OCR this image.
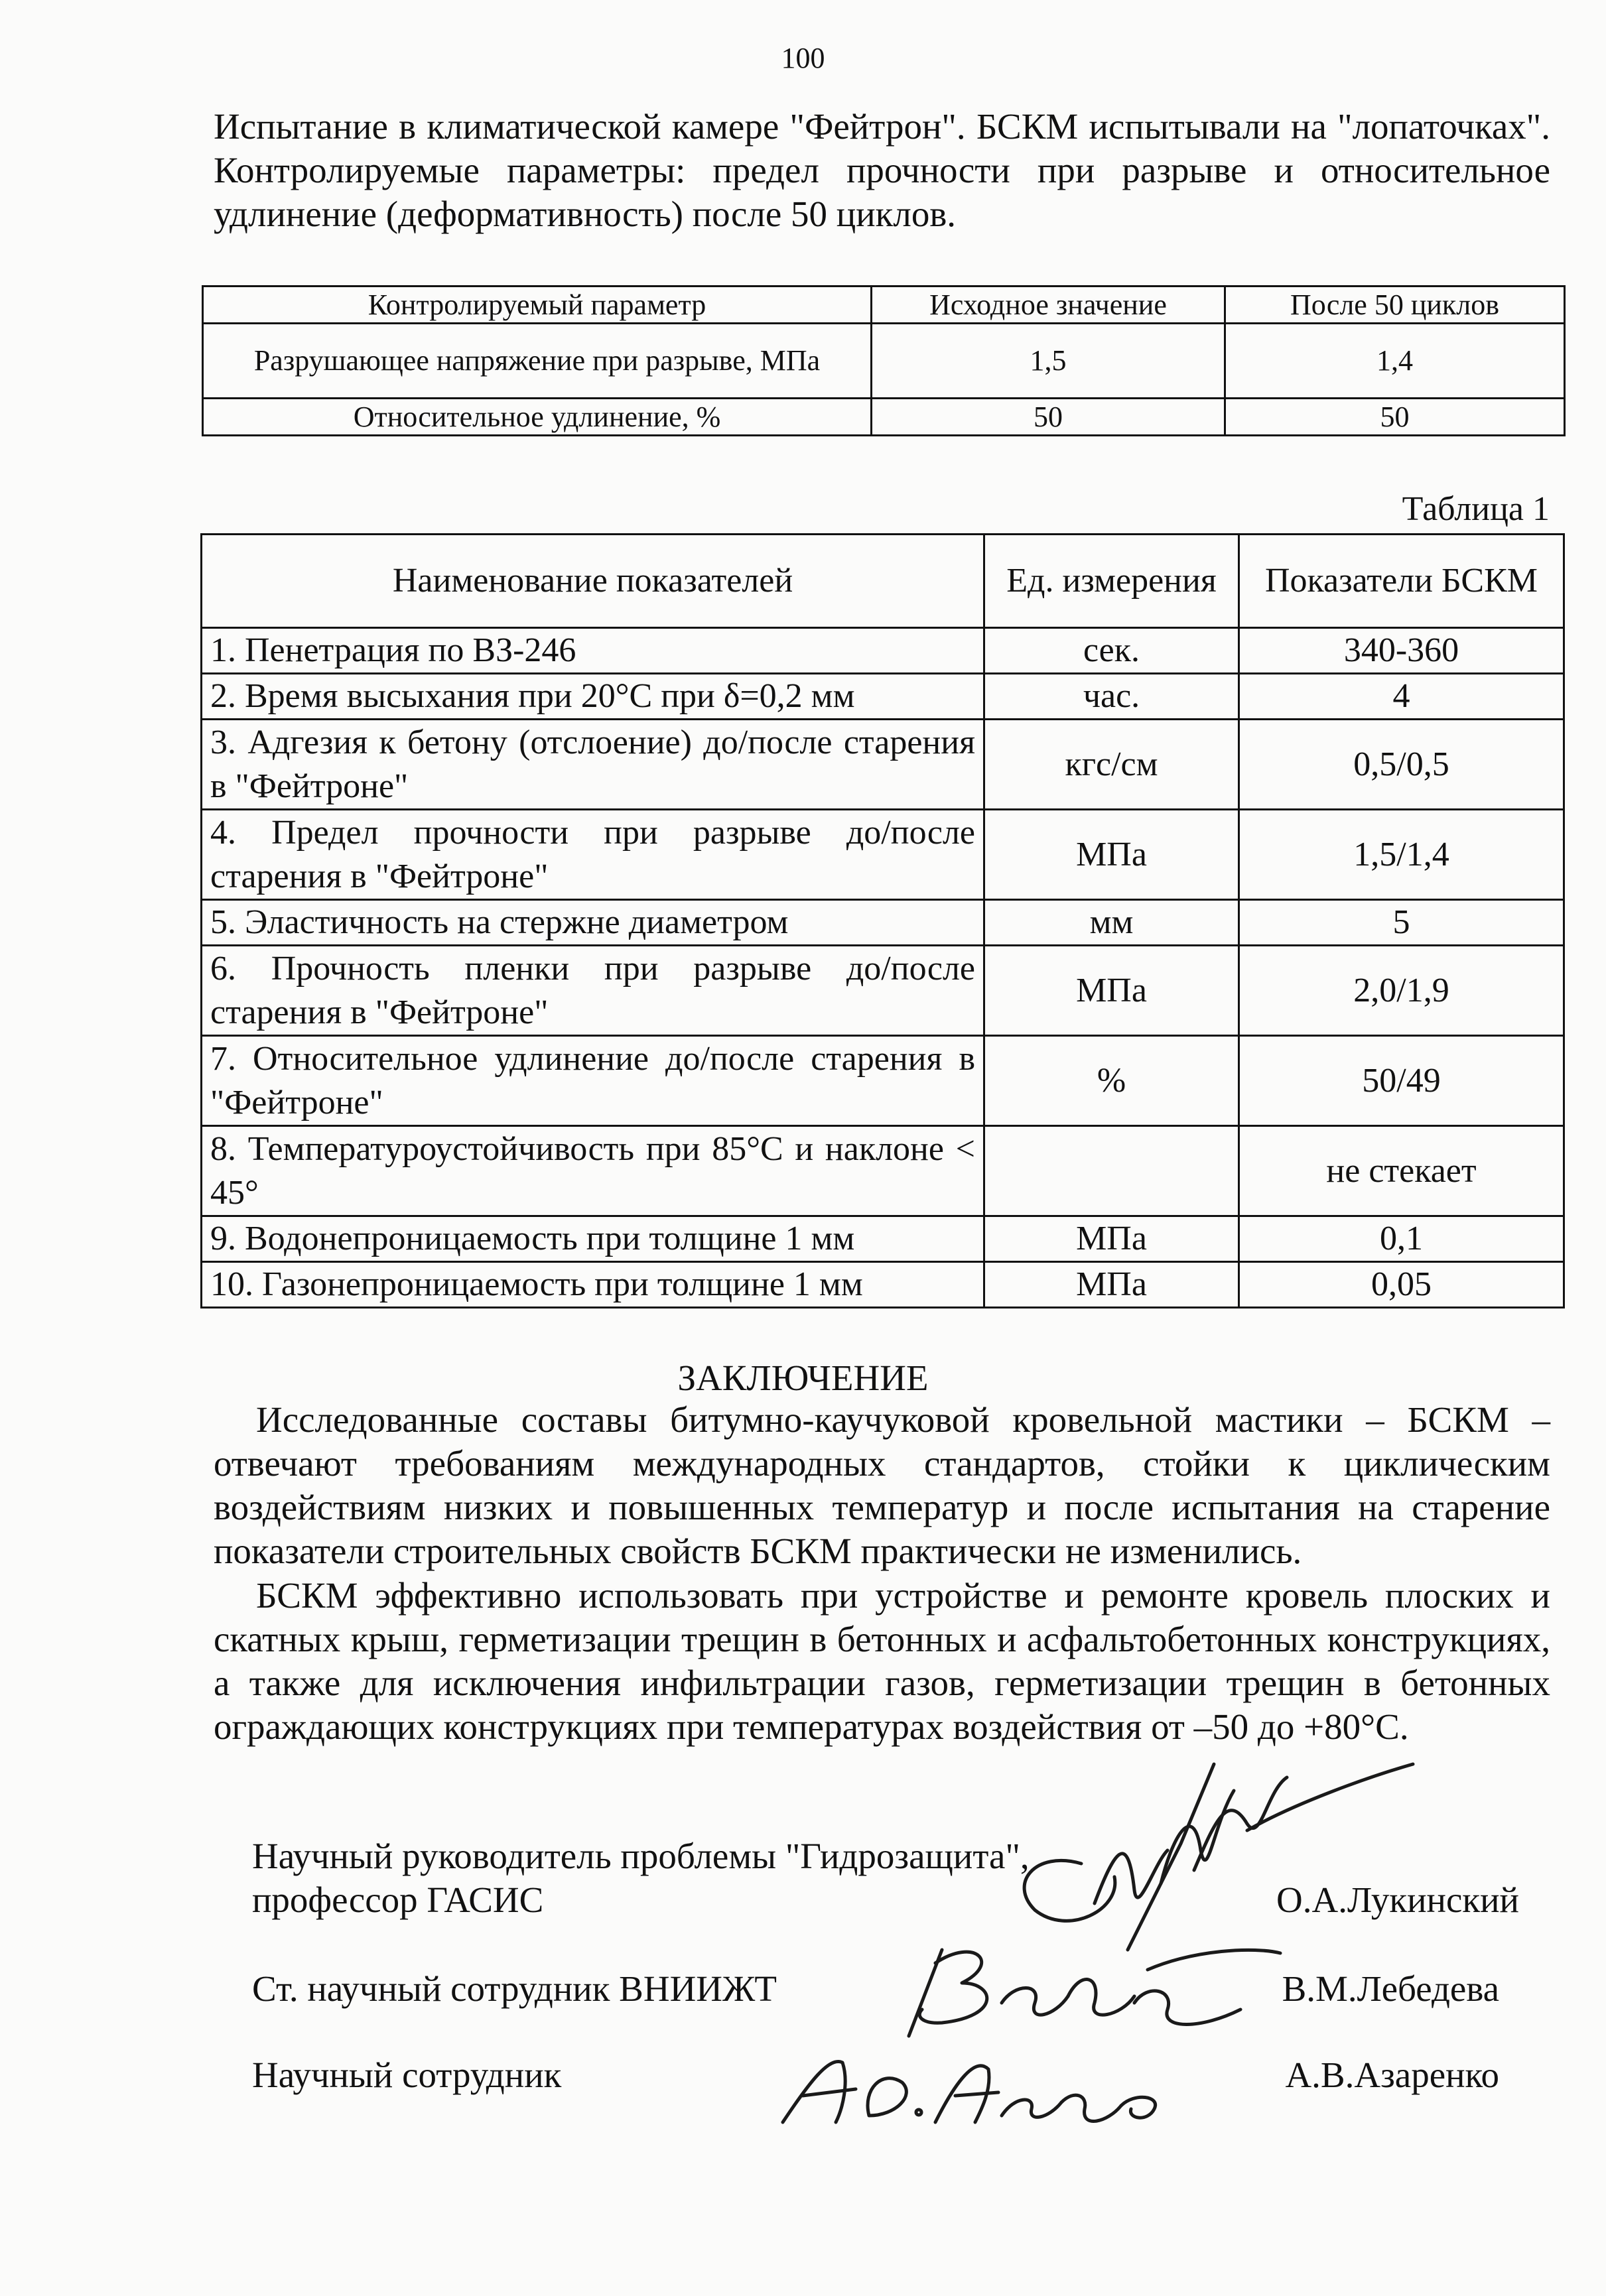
100
Испытание в климатической камере "Фейтрон". БСКМ испытывали на "лопаточках". Контролируемые параметры: предел прочности при разрыве и относительное удлинение (деформативность) после 50 циклов.
Контролируемый параметр	Исходное значение	После 50 циклов
Разрушающее напряжение при разрыве, МПа	1,5	1,4
Относительное удлинение, %	50	50
Таблица 1
Наименование показателей	Ед. измерения	Показатели БСКМ
1. Пенетрация по ВЗ-246	сек.	340-360
2. Время высыхания при 20°С при δ=0,2 мм	час.	4
3. Адгезия к бетону (отслоение) до/после старения в "Фейтроне"	кгс/см	0,5/0,5
4. Предел прочности при разрыве до/после старения в "Фейтроне"	МПа	1,5/1,4
5. Эластичность на стержне диаметром	мм	5
6. Прочность пленки при разрыве до/после старения в "Фейтроне"	МПа	2,0/1,9
7. Относительное удлинение до/после старения в "Фейтроне"	%	50/49
8. Температуроустойчивость при 85°С и наклоне < 45°		не стекает
9. Водонепроницаемость при толщине 1 мм	МПа	0,1
10. Газонепроницаемость при толщине 1 мм	МПа	0,05
ЗАКЛЮЧЕНИЕ
Исследованные составы битумно-каучуковой кровельной мастики – БСКМ – отвечают требованиям международных стандартов, стойки к циклическим воздействиям низких и повышенных температур и после испытания на старение показатели строительных свойств БСКМ практически не изменились.
БСКМ эффективно использовать при устройстве и ремонте кровель плоских и скатных крыш, герметизации трещин в бетонных и асфальтобетонных конструкциях, а также для исключения инфильтрации газов, герметизации трещин в бетонных ограждающих конструкциях при температурах воздействия от –50 до +80°С.
Научный руководитель проблемы "Гидрозащита",
профессор ГАСИС	О.А.Лукинский
Ст. научный сотрудник ВНИИЖТ	В.М.Лебедева
Научный сотрудник	А.В.Азаренко
